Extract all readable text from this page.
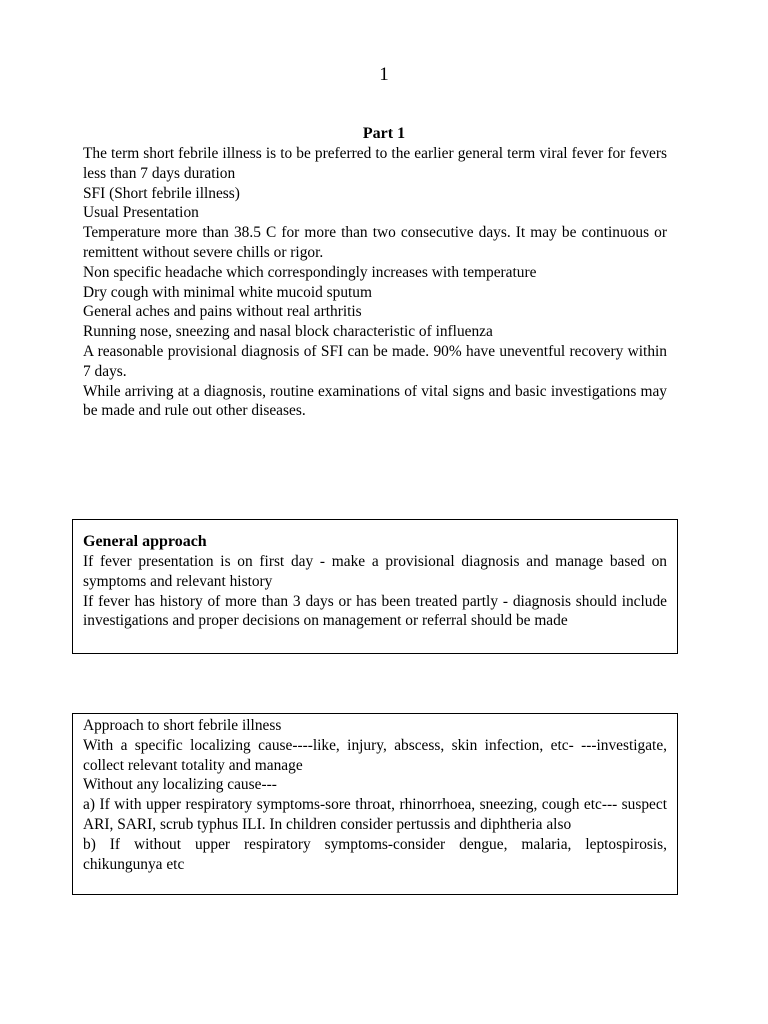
1
Part 1

The term short febrile illness is to be preferred to the earlier general term viral fever for fevers less than 7 days duration

SFI (Short febrile illness)

Usual Presentation

Temperature more than 38.5 C for more than two consecutive days. It may be continuous or remittent without severe chills or rigor.

Non specific headache which correspondingly increases with temperature

Dry cough with minimal white mucoid sputum

General aches and pains without real arthritis

Running nose, sneezing and nasal block characteristic of influenza

A reasonable provisional diagnosis of SFI can be made. 90% have uneventful recovery within 7 days.

While arriving at a diagnosis, routine examinations of vital signs and basic investigations may be made and rule out other diseases.

General approach

If fever presentation is on first day - make a provisional diagnosis and manage based on symptoms and relevant history

If fever has history of more than 3 days or has been treated partly - diagnosis should include investigations and proper decisions on management or referral should be made

Approach to short febrile illness

With a specific localizing cause----like, injury, abscess, skin infection, etc- ---investigate, collect relevant totality and manage

Without any localizing cause---

a) If with upper respiratory symptoms-sore throat, rhinorrhoea, sneezing, cough etc--- suspect ARI, SARI, scrub typhus ILI. In children consider pertussis and diphtheria also

b) If without upper respiratory symptoms-consider dengue, malaria, leptospirosis, chikungunya etc
